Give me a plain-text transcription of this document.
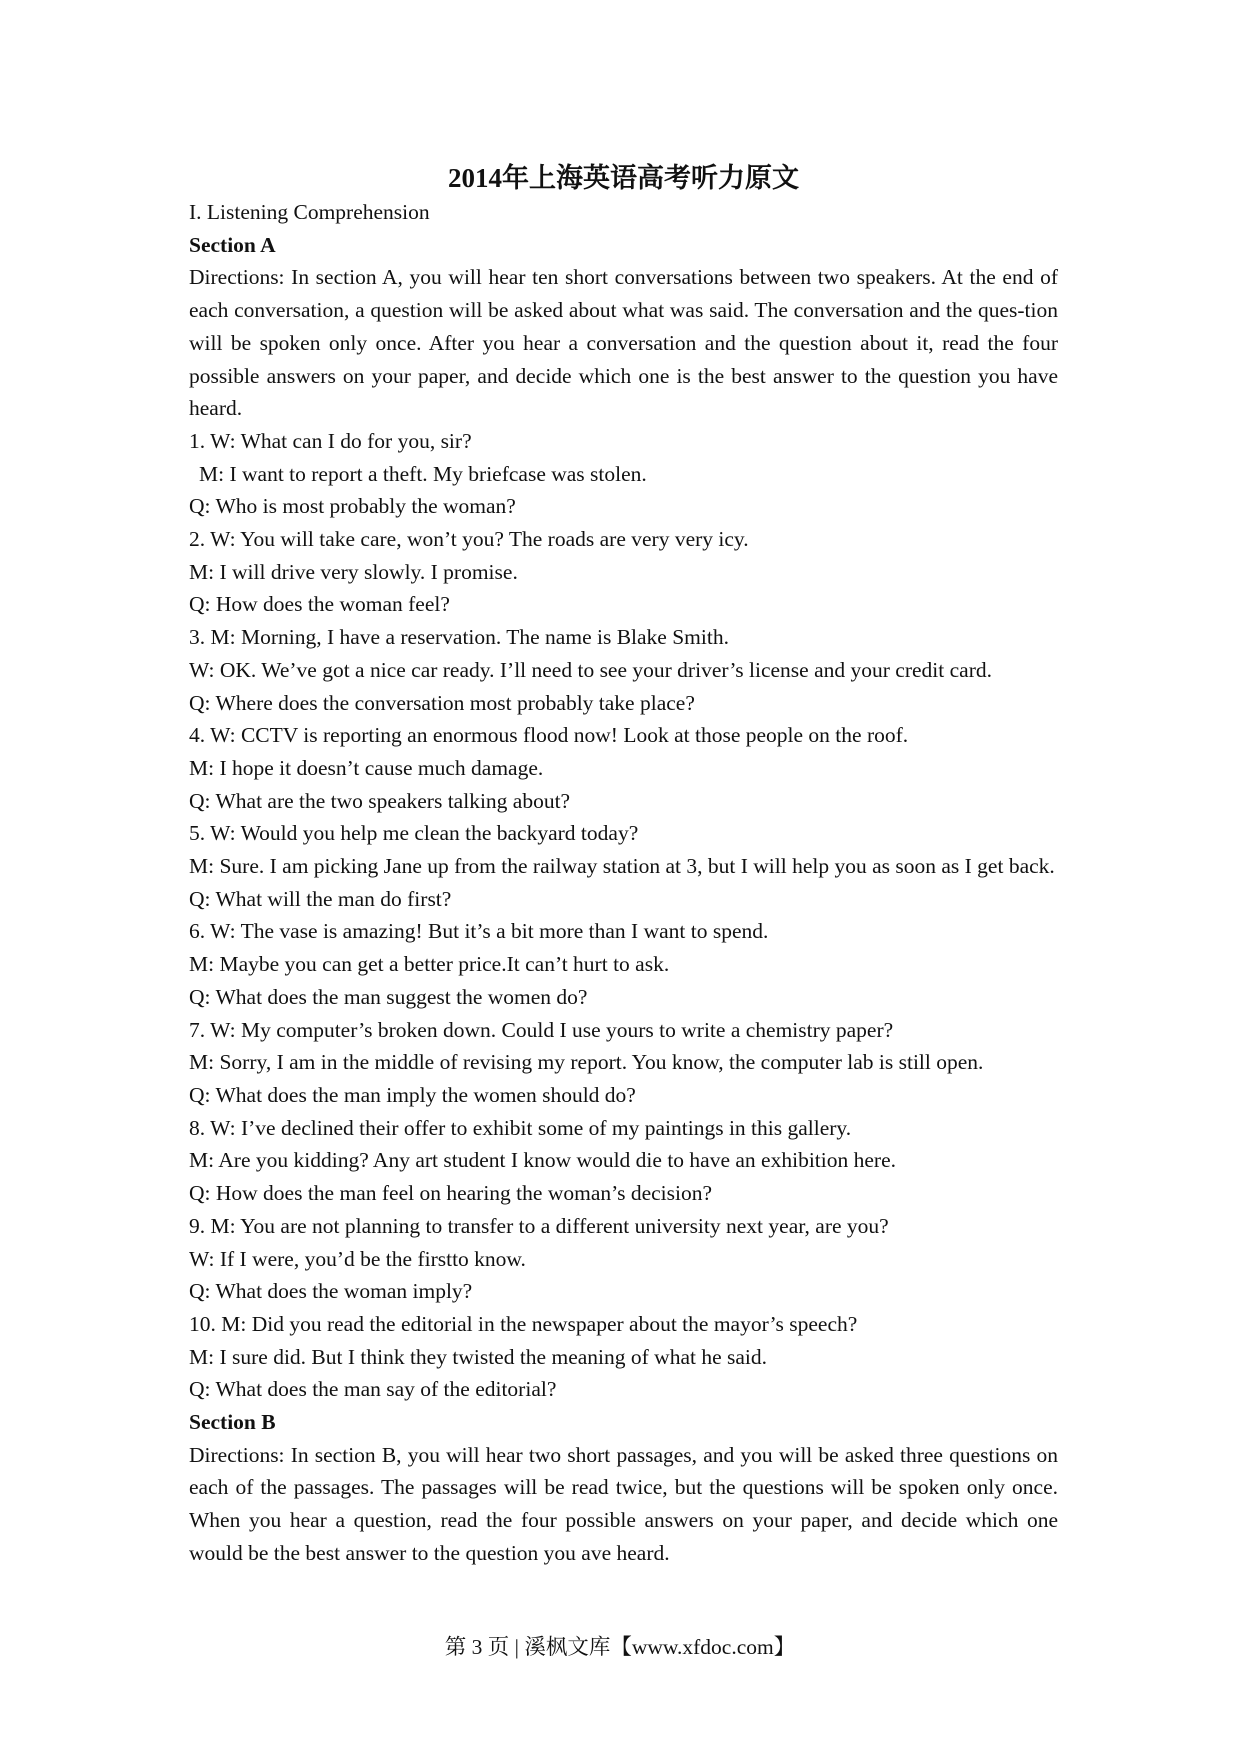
2014年上海英语高考听力原文
I. Listening Comprehension
Section A
Directions: In section A, you will hear ten short conversations between two speakers. At the end of each conversation, a question will be asked about what was said. The conversation and the ques-tion will be spoken only once. After you hear a conversation and the question about it, read the four possible answers on your paper, and decide which one is the best answer to the question you have heard.
1. W: What can I do for you, sir?
M: I want to report a theft. My briefcase was stolen.
Q: Who is most probably the woman?
2. W: You will take care, won’t you? The roads are very very icy.
M: I will drive very slowly. I promise.
Q: How does the woman feel?
3. M: Morning, I have a reservation. The name is Blake Smith.
W: OK. We’ve got a nice car ready. I’ll need to see your driver’s license and your credit card.
Q: Where does the conversation most probably take place?
4. W: CCTV is reporting an enormous flood now! Look at those people on the roof.
M: I hope it doesn’t cause much damage.
Q: What are the two speakers talking about?
5. W: Would you help me clean the backyard today?
M: Sure. I am picking Jane up from the railway station at 3, but I will help you as soon as I get back.
Q: What will the man do first?
6. W: The vase is amazing! But it’s a bit more than I want to spend.
M: Maybe you can get a better price.It can’t hurt to ask.
Q: What does the man suggest the women do?
7. W: My computer’s broken down. Could I use yours to write a chemistry paper?
M: Sorry, I am in the middle of revising my report. You know, the computer lab is still open.
Q: What does the man imply the women should do?
8. W: I’ve declined their offer to exhibit some of my paintings in this gallery.
M: Are you kidding? Any art student I know would die to have an exhibition here.
Q: How does the man feel on hearing the woman’s decision?
9. M: You are not planning to transfer to a different university next year, are you?
W: If I were, you’d be the firstto know.
Q: What does the woman imply?
10. M: Did you read the editorial in the newspaper about the mayor’s speech?
M: I sure did. But I think they twisted the meaning of what he said.
Q: What does the man say of the editorial?
Section B
Directions: In section B, you will hear two short passages, and you will be asked three questions on each of the passages. The passages will be read twice, but the questions will be spoken only once. When you hear a question, read the four possible answers on your paper, and decide which one would be the best answer to the question you ave heard.
第 3 页 | 溪枫文库【www.xfdoc.com】
